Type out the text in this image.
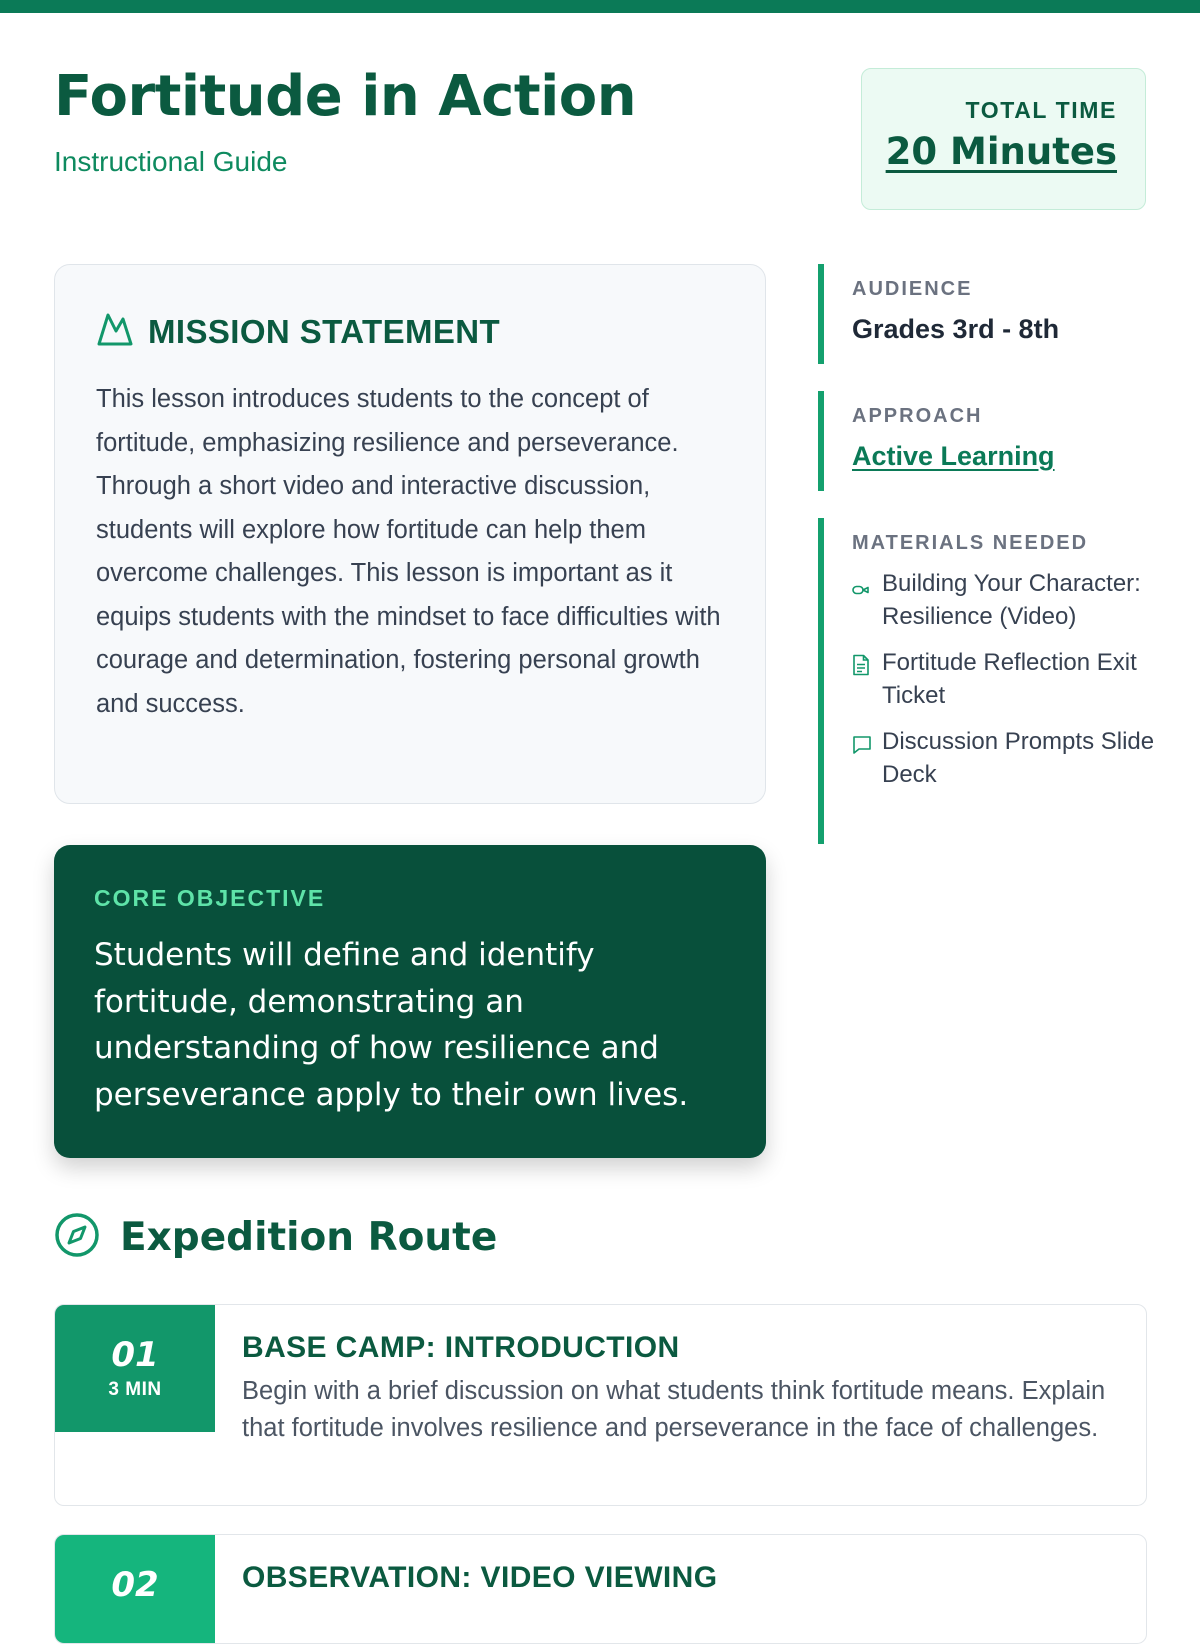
Fortitude in Action
Instructional Guide
TOTAL TIME
20 Minutes
MISSION STATEMENT
This lesson introduces students to the concept of fortitude, emphasizing resilience and perseverance. Through a short video and interactive discussion, students will explore how fortitude can help them overcome challenges. This lesson is important as it equips students with the mindset to face difficulties with courage and determination, fostering personal growth and success.
CORE OBJECTIVE
Students will define and identify fortitude, demonstrating an understanding of how resilience and perseverance apply to their own lives.
AUDIENCE
Grades 3rd - 8th
APPROACH
Active Learning
MATERIALS NEEDED
Building Your Character: Resilience (Video)
Fortitude Reflection Exit Ticket
Discussion Prompts Slide Deck
Expedition Route
01
3 MIN
BASE CAMP: INTRODUCTION
Begin with a brief discussion on what students think fortitude means. Explain that fortitude involves resilience and perseverance in the face of challenges.
02	OBSERVATION: VIDEO VIEWING
